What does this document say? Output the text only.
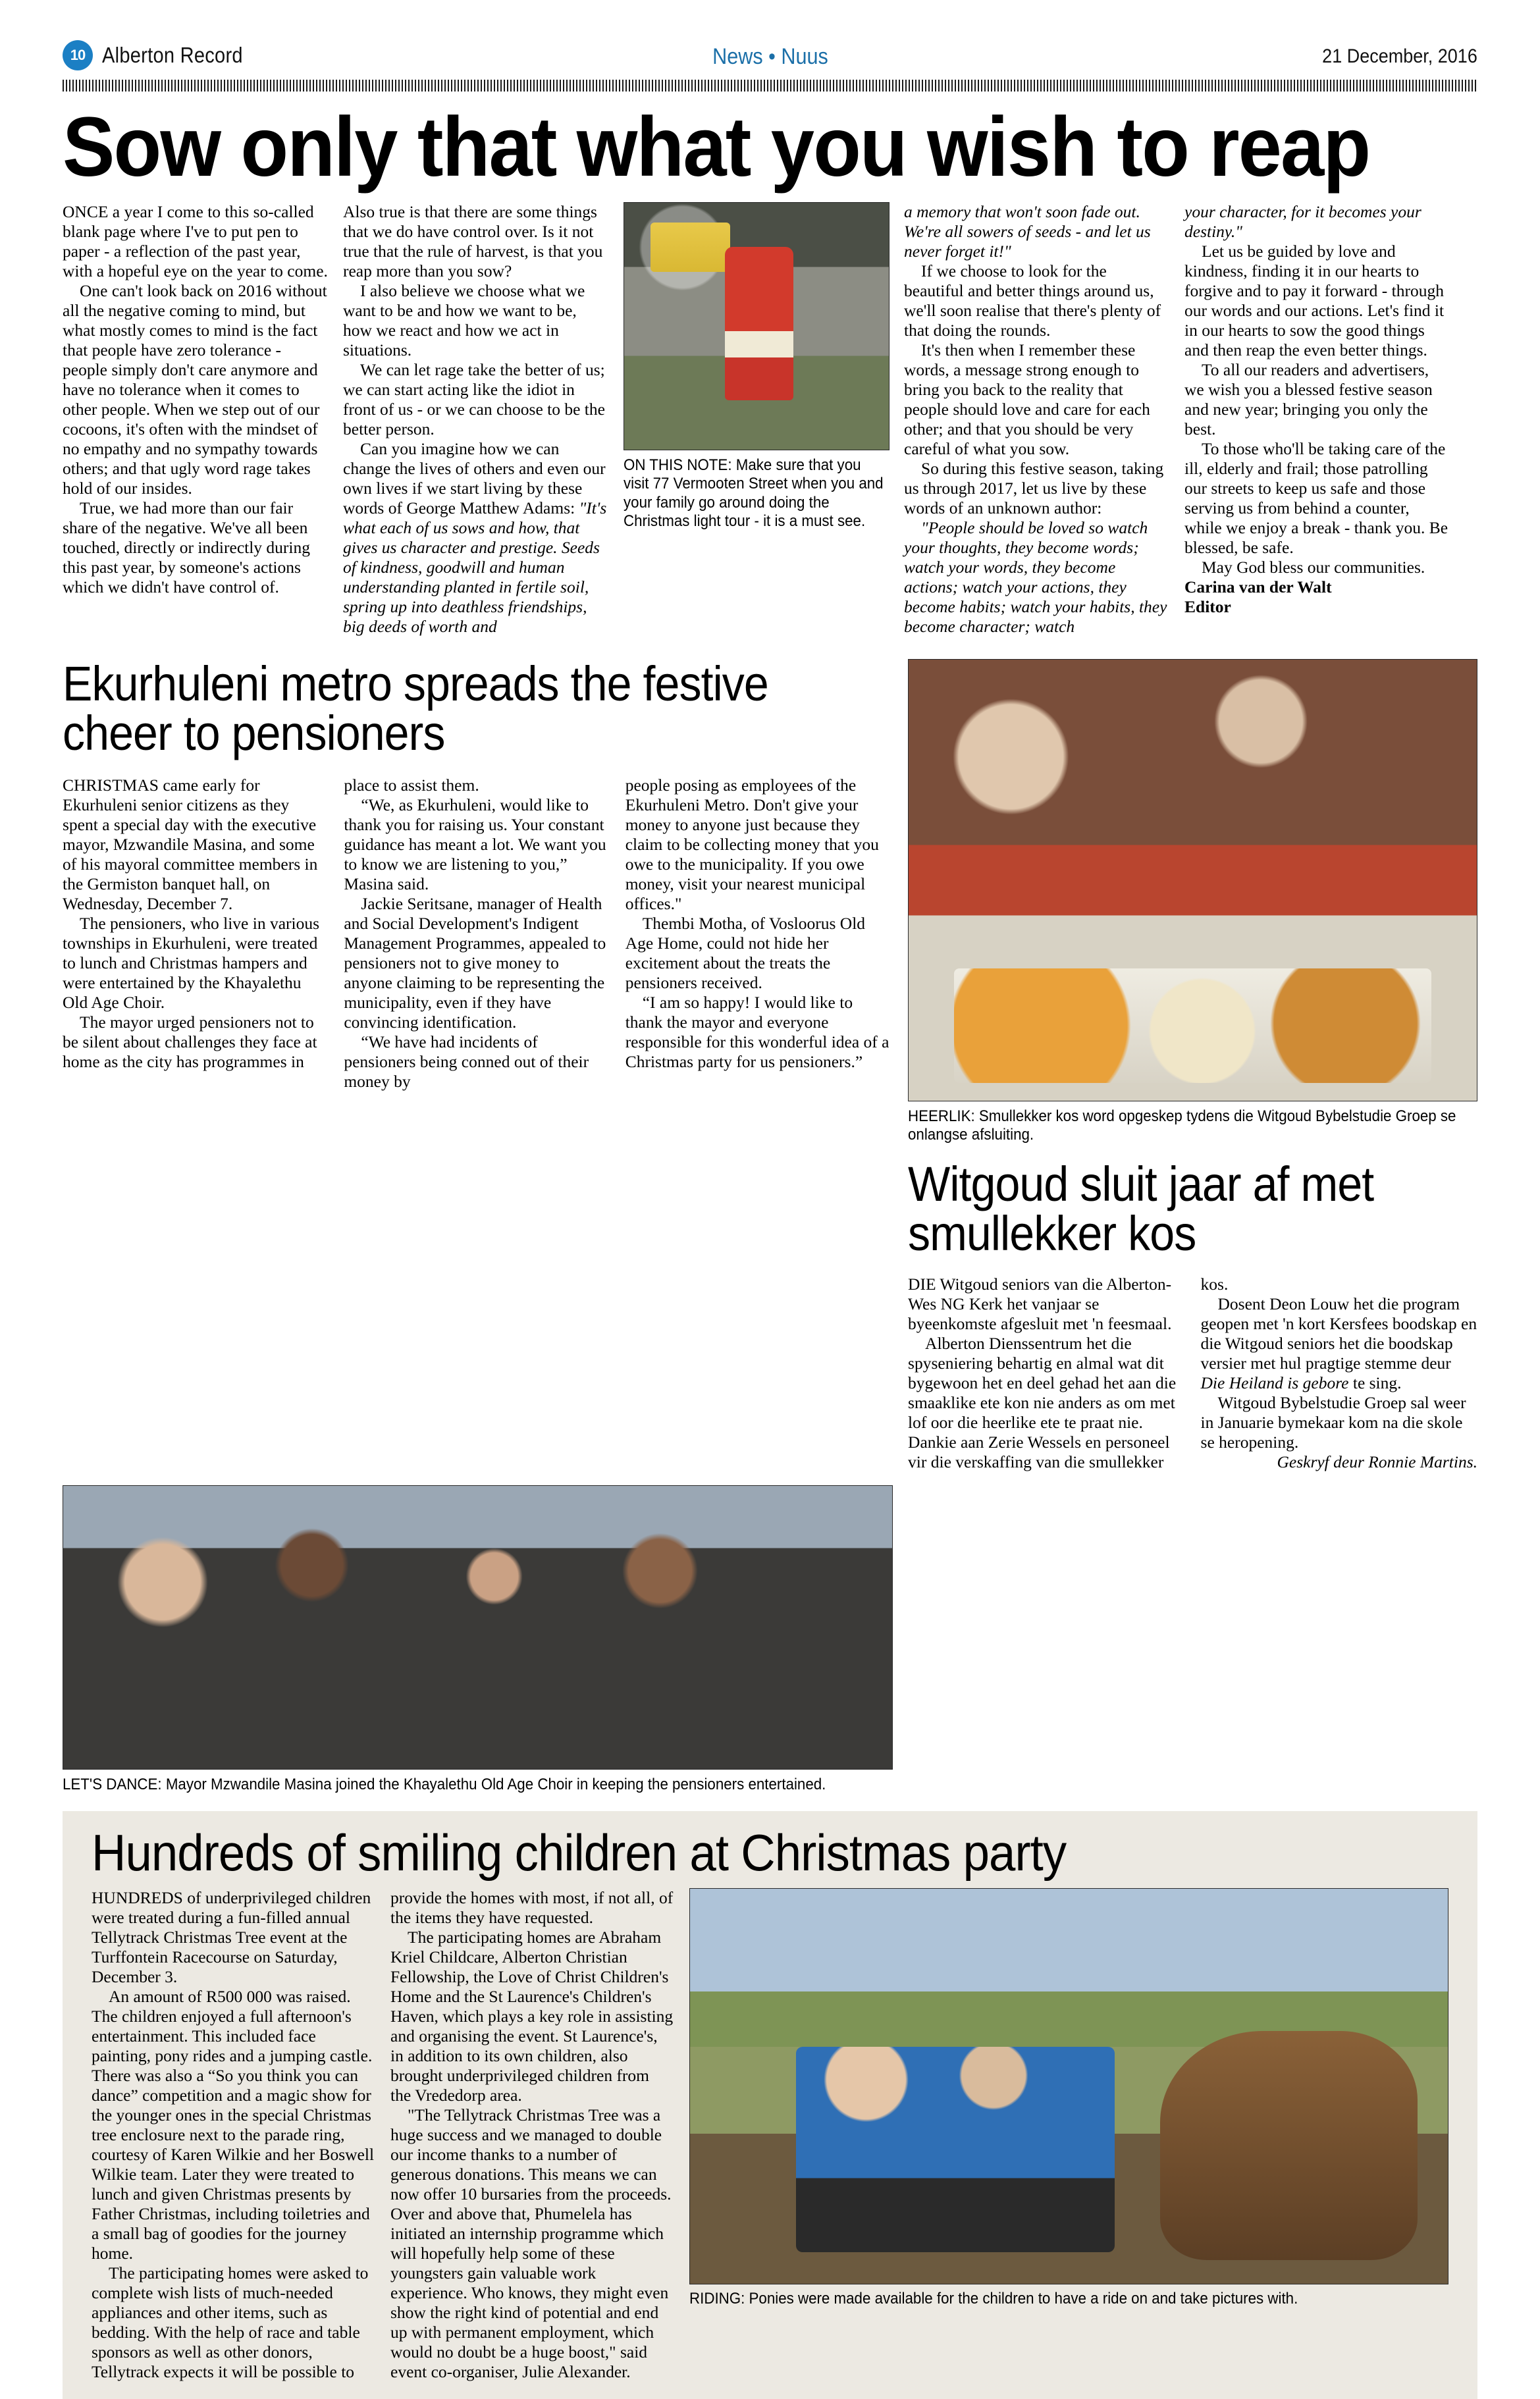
10 Alberton Record	News • Nuus	21 December, 2016
Sow only that what you wish to reap

ONCE a year I come to this so-called blank page where I've to put pen to paper - a reflection of the past year, with a hopeful eye on the year to come.

One can't look back on 2016 without all the negative coming to mind, but what mostly comes to mind is the fact that people have zero tolerance - people simply don't care anymore and have no tolerance when it comes to other people. When we step out of our cocoons, it's often with the mindset of no empathy and no sympathy towards others; and that ugly word rage takes hold of our insides.

True, we had more than our fair share of the negative. We've all been touched, directly or indirectly during this past year, by someone's actions which we didn't have control of.

Also true is that there are some things that we do have control over. Is it not true that the rule of harvest, is that you reap more than you sow?

I also believe we choose what we want to be and how we want to be, how we react and how we act in situations.

We can let rage take the better of us; we can start acting like the idiot in front of us - or we can choose to be the better person.

Can you imagine how we can change the lives of others and even our own lives if we start living by these words of George Matthew Adams: "It's what each of us sows and how, that gives us character and prestige. Seeds of kindness, goodwill and human understanding planted in fertile soil, spring up into deathless friendships, big deeds of worth and

ON THIS NOTE: Make sure that you visit 77 Vermooten Street when you and your family go around doing the Christmas light tour - it is a must see.

a memory that won't soon fade out. We're all sowers of seeds - and let us never forget it!"

If we choose to look for the beautiful and better things around us, we'll soon realise that there's plenty of that doing the rounds.

It's then when I remember these words, a message strong enough to bring you back to the reality that people should love and care for each other; and that you should be very careful of what you sow.

So during this festive season, taking us through 2017, let us live by these words of an unknown author:

"People should be loved so watch your thoughts, they become words; watch your words, they become actions; watch your actions, they become habits; watch your habits, they become character; watch

your character, for it becomes your destiny."

Let us be guided by love and kindness, finding it in our hearts to forgive and to pay it forward - through our words and our actions. Let's find it in our hearts to sow the good things and then reap the even better things.

To all our readers and advertisers, we wish you a blessed festive season and new year; bringing you only the best.

To those who'll be taking care of the ill, elderly and frail; those patrolling our streets to keep us safe and those serving us from behind a counter, while we enjoy a break - thank you. Be blessed, be safe.

May God bless our communities.

Carina van der Walt

Editor

Ekurhuleni metro spreads the festive cheer to pensioners

CHRISTMAS came early for Ekurhuleni senior citizens as they spent a special day with the executive mayor, Mzwandile Masina, and some of his mayoral committee members in the Germiston banquet hall, on Wednesday, December 7.

The pensioners, who live in various townships in Ekurhuleni, were treated to lunch and Christmas hampers and were entertained by the Khayalethu Old Age Choir.

The mayor urged pensioners not to be silent about challenges they face at home as the city has programmes in

place to assist them.

“We, as Ekurhuleni, would like to thank you for raising us. Your constant guidance has meant a lot. We want you to know we are listening to you,” Masina said.

Jackie Seritsane, manager of Health and Social Development's Indigent Management Programmes, appealed to pensioners not to give money to anyone claiming to be representing the municipality, even if they have convincing identification.

“We have had incidents of pensioners being conned out of their money by

people posing as employees of the Ekurhuleni Metro. Don't give your money to anyone just because they claim to be collecting money that you owe to the municipality. If you owe money, visit your nearest municipal offices."

Thembi Motha, of Vosloorus Old Age Home, could not hide her excitement about the treats the pensioners received.

“I am so happy! I would like to thank the mayor and everyone responsible for this wonderful idea of a Christmas party for us pensioners.”

HEERLIK: Smullekker kos word opgeskep tydens die Witgoud Bybelstudie Groep se onlangse afsluiting.
Witgoud sluit jaar af met smullekker kos

DIE Witgoud seniors van die Alberton-Wes NG Kerk het vanjaar se byeenkomste afgesluit met 'n feesmaal.

Alberton Dienssentrum het die spyseniering behartig en almal wat dit bygewoon het en deel gehad het aan die smaaklike ete kon nie anders as om met lof oor die heerlike ete te praat nie. Dankie aan Zerie Wessels en personeel vir die verskaffing van die smullekker

kos.

Dosent Deon Louw het die program geopen met 'n kort Kersfees boodskap en die Witgoud seniors het die boodskap versier met hul pragtige stemme deur Die Heiland is gebore te sing.

Witgoud Bybelstudie Groep sal weer in Januarie bymekaar kom na die skole se heropening.

Geskryf deur Ronnie Martins.

LET'S DANCE: Mayor Mzwandile Masina joined the Khayalethu Old Age Choir in keeping the pensioners entertained.
Hundreds of smiling children at Christmas party

HUNDREDS of underprivileged children were treated during a fun-filled annual Tellytrack Christmas Tree event at the Turffontein Racecourse on Saturday, December 3.

An amount of R500 000 was raised. The children enjoyed a full afternoon's entertainment. This included face painting, pony rides and a jumping castle. There was also a “So you think you can dance” competition and a magic show for the younger ones in the special Christmas tree enclosure next to the parade ring, courtesy of Karen Wilkie and her Boswell Wilkie team. Later they were treated to lunch and given Christmas presents by Father Christmas, including toiletries and a small bag of goodies for the journey home.

The participating homes were asked to complete wish lists of much-needed appliances and other items, such as bedding. With the help of race and table sponsors as well as other donors, Tellytrack expects it will be possible to

provide the homes with most, if not all, of the items they have requested.

The participating homes are Abraham Kriel Childcare, Alberton Christian Fellowship, the Love of Christ Children's Home and the St Laurence's Children's Haven, which plays a key role in assisting and organising the event. St Laurence's, in addition to its own children, also brought underprivileged children from the Vrededorp area.

"The Tellytrack Christmas Tree was a huge success and we managed to double our income thanks to a number of generous donations. This means we can now offer 10 bursaries from the proceeds. Over and above that, Phumelela has initiated an internship programme which will hopefully help some of these youngsters gain valuable work experience. Who knows, they might even show the right kind of potential and end up with permanent employment, which would no doubt be a huge boost," said event co-organiser, Julie Alexander.

RIDING: Ponies were made available for the children to have a ride on and take pictures with.
